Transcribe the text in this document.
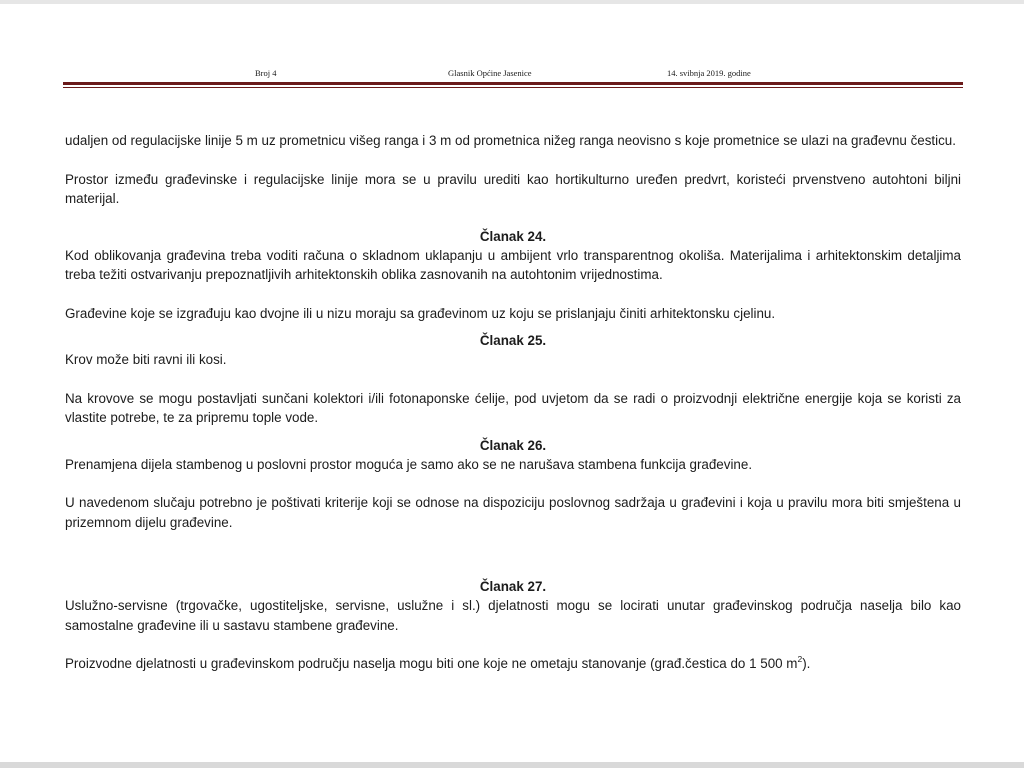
Broj 4	Glasnik Općine Jasenice	14. svibnja 2019. godine

udaljen od regulacijske linije 5 m uz prometnicu višeg ranga i 3 m od prometnica nižeg ranga neovisno s koje prometnice se ulazi na građevnu česticu.

Prostor između građevinske i regulacijske linije mora se u pravilu urediti kao hortikulturno uređen predvrt, koristeći prvenstveno autohtoni biljni materijal.

Članak 24.

Kod oblikovanja građevina treba voditi računa o skladnom uklapanju u ambijent vrlo transparentnog okoliša. Materijalima i arhitektonskim detaljima treba težiti ostvarivanju prepoznatljivih arhitektonskih oblika zasnovanih na autohtonim vrijednostima.

Građevine koje se izgrađuju kao dvojne ili u nizu moraju sa građevinom uz koju se prislanjaju činiti arhitektonsku cjelinu.

Članak 25.

Krov može biti ravni ili kosi.

Na krovove se mogu postavljati sunčani kolektori i/ili fotonaponske ćelije, pod uvjetom da se radi o proizvodnji električne energije koja se koristi za vlastite potrebe, te za pripremu tople vode.

Članak 26.

Prenamjena dijela stambenog u poslovni prostor moguća je samo ako se ne narušava stambena funkcija građevine.

U navedenom slučaju potrebno je poštivati kriterije koji se odnose na dispoziciju poslovnog sadržaja u građevini i koja u pravilu mora biti smještena u prizemnom dijelu građevine.

Članak 27.

Uslužno-servisne (trgovačke, ugostiteljske, servisne, uslužne i sl.) djelatnosti mogu se locirati unutar građevinskog područja naselja bilo kao samostalne građevine ili u sastavu stambene građevine.

Proizvodne djelatnosti u građevinskom području naselja mogu biti one koje ne ometaju stanovanje (građ.čestica do 1 500 $m^2$).
